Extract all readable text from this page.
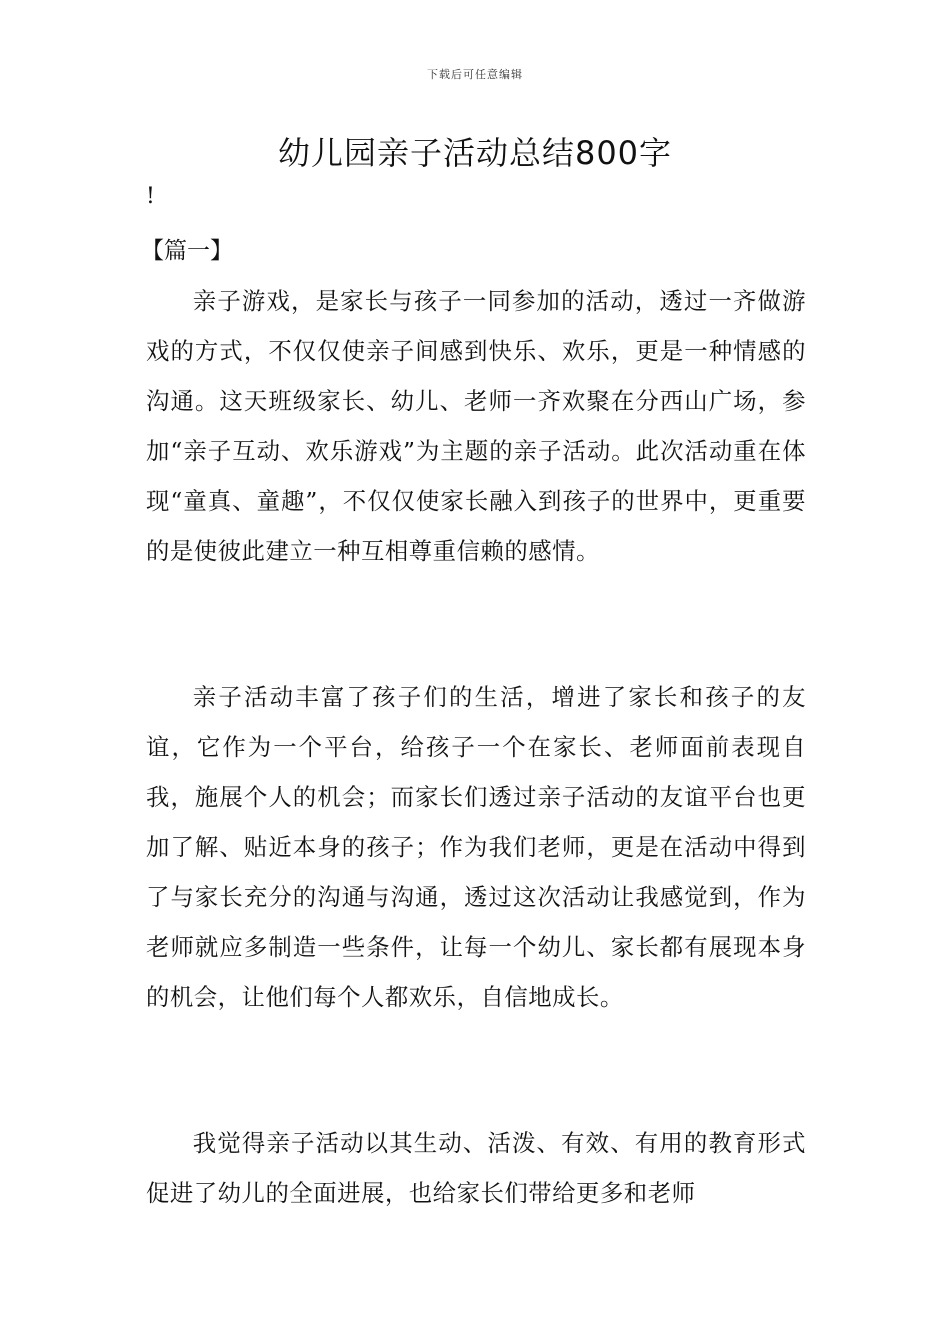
下载后可任意编辑
幼儿园亲子活动总结800字
!
【篇一】

亲子游戏，是家长与孩子一同参加的活动，透过一齐做游戏的方式，不仅仅使亲子间感到快乐、欢乐，更是一种情感的沟通。这天班级家长、幼儿、老师一齐欢聚在分西山广场，参加“亲子互动、欢乐游戏”为主题的亲子活动。此次活动重在体现“童真、童趣”，不仅仅使家长融入到孩子的世界中，更重要的是使彼此建立一种互相尊重信赖的感情。

亲子活动丰富了孩子们的生活，增进了家长和孩子的友谊，它作为一个平台，给孩子一个在家长、老师面前表现自我，施展个人的机会；而家长们透过亲子活动的友谊平台也更加了解、贴近本身的孩子；作为我们老师，更是在活动中得到了与家长充分的沟通与沟通，透过这次活动让我感觉到，作为老师就应多制造一些条件，让每一个幼儿、家长都有展现本身的机会，让他们每个人都欢乐，自信地成长。

我觉得亲子活动以其生动、活泼、有效、有用的教育形式促进了幼儿的全面进展，也给家长们带给更多和老师
